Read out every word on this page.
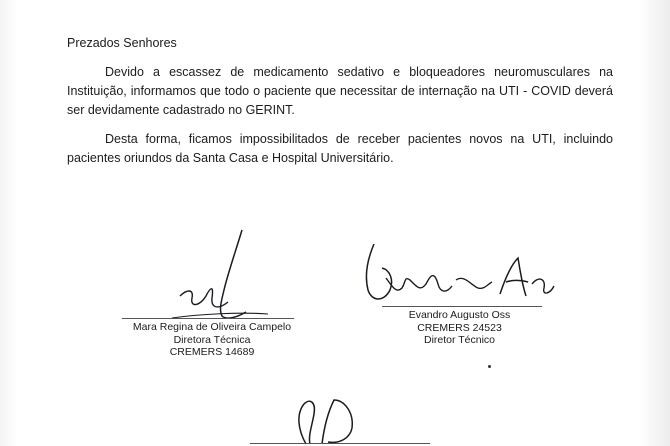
Prezados Senhores
Devido a escassez de medicamento sedativo e bloqueadores neuromusculares na Instituição, informamos que todo o paciente que necessitar de internação na UTI - COVID deverá ser devidamente cadastrado no GERINT.
Desta forma, ficamos impossibilitados de receber pacientes novos na UTI, incluindo pacientes oriundos da Santa Casa e Hospital Universitário.
Mara Regina de Oliveira Campelo
Diretora Técnica
CREMERS 14689
Evandro Augusto Oss
CREMERS 24523
Diretor Técnico
